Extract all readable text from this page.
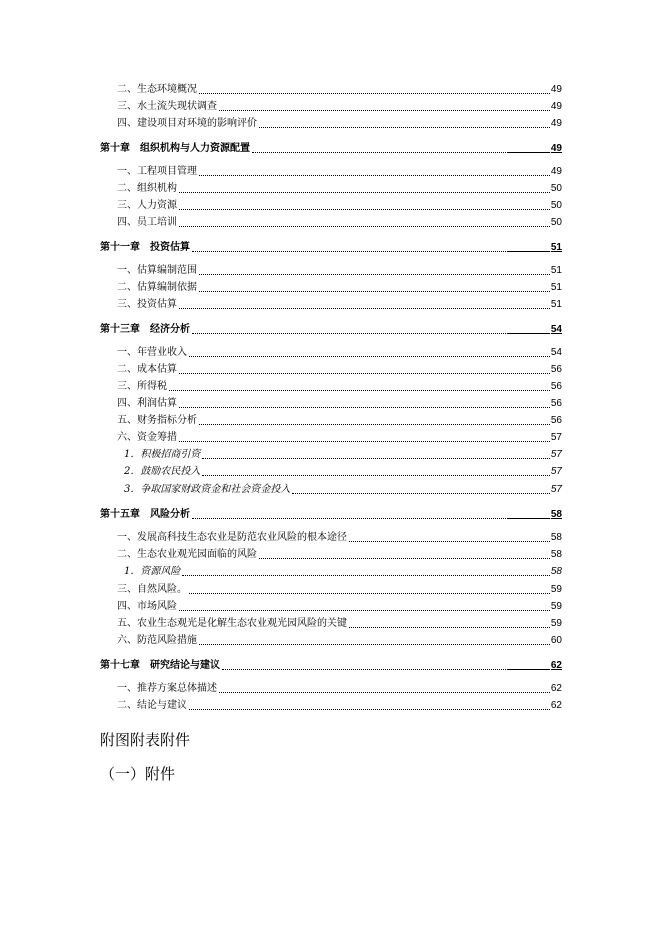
二、生态环境概况	49
三、水土流失现状调查	49
四、建设项目对环境的影响评价	49
第十章　组织机构与人力资源配置	49
一、工程项目管理	49
二、组织机构	50
三、人力资源	50
四、员工培训	50
第十一章　投资估算	51
一、估算编制范围	51
二、估算编制依据	51
三、投资估算	51
第十三章　经济分析	54
一、年营业收入	54
二、成本估算	56
三、所得税	56
四、利润估算	56
五、财务指标分析	56
六、资金筹措	57
1．积极招商引资	57
2．鼓励农民投入	57
3．争取国家财政资金和社会资金投入	57
第十五章　风险分析	58
一、发展高科技生态农业是防范农业风险的根本途径	58
二、生态农业观光园面临的风险	58
1．资源风险	58
三、自然风险。	59
四、市场风险	59
五、农业生态观光是化解生态农业观光园风险的关键	59
六、防范风险措施	60
第十七章　研究结论与建议	62
一、推荐方案总体描述	62
二、结论与建议	62
附图附表附件
（一）附件
